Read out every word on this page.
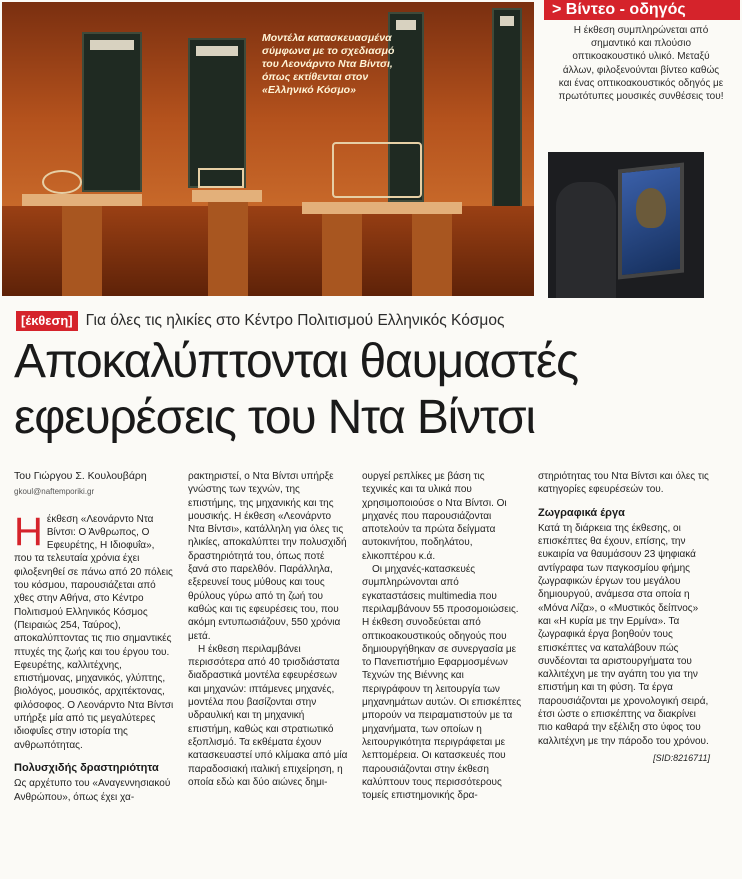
Μοντέλα κατασκευασμένα σύμφωνα με το σχεδιασμό του Λεονάρντο Ντα Βίντσι, όπως εκτίθενται στον «Ελληνικό Κόσμο»
> Βίντεο - οδηγός
Η έκθεση συμπληρώνεται από σημαντικό και πλούσιο οπτικοακουστικό υλικό. Μεταξύ άλλων, φιλοξενούνται βίντεο καθώς και ένας οπτικοακουστικός οδηγός με πρωτότυπες μουσικές συνθέσεις του!
[έκθεση] Για όλες τις ηλικίες στο Κέντρο Πολιτισμού Ελληνικός Κόσμος
Αποκαλύπτονται θαυμαστές εφευρέσεις του Ντα Βίντσι
Του Γιώργου Σ. Κουλουβάρη
gkoul@naftemporiki.gr

Η έκθεση «Λεονάρντο Ντα Βίντσι: Ο Άνθρωπος, Ο Εφευρέτης, Η Ιδιοφυΐα», που τα τελευταία χρόνια έχει φιλοξενηθεί σε πάνω από 20 πόλεις του κόσμου, παρουσιάζεται από χθες στην Αθήνα, στο Κέντρο Πολιτισμού Ελληνικός Κόσμος (Πειραιώς 254, Ταύρος), αποκαλύπτοντας τις πιο σημαντικές πτυχές της ζωής και του έργου του. Εφευρέτης, καλλιτέχνης, επιστήμονας, μηχανικός, γλύπτης, βιολόγος, μουσικός, αρχιτέκτονας, φιλόσοφος. Ο Λεονάρντο Ντα Βίντσι υπήρξε μία από τις μεγαλύτερες ιδιοφυΐες στην ιστορία της ανθρωπότητας.

Πολυσχιδής δραστηριότητα

Ως αρχέτυπο του «Αναγεννησιακού Ανθρώπου», όπως έχει χα-

ρακτηριστεί, ο Ντα Βίντσι υπήρξε γνώστης των τεχνών, της επιστήμης, της μηχανικής και της μουσικής. Η έκθεση «Λεονάρντο Ντα Βίντσι», κατάλληλη για όλες τις ηλικίες, αποκαλύπτει την πολυσχιδή δραστηριότητά του, όπως ποτέ ξανά στο παρελθόν. Παράλληλα, εξερευνεί τους μύθους και τους θρύλους γύρω από τη ζωή του καθώς και τις εφευρέσεις του, που ακόμη εντυπωσιάζουν, 550 χρόνια μετά.

Η έκθεση περιλαμβάνει περισσότερα από 40 τρισδιάστατα διαδραστικά μοντέλα εφευρέσεων και μηχανών: ιπτάμενες μηχανές, μοντέλα που βασίζονται στην υδραυλική και τη μηχανική επιστήμη, καθώς και στρατιωτικό εξοπλισμό. Τα εκθέματα έχουν κατασκευαστεί υπό κλίμακα από μία παραδοσιακή ιταλική επιχείρηση, η οποία εδώ και δύο αιώνες δημι-

ουργεί ρεπλίκες με βάση τις τεχνικές και τα υλικά που χρησιμοποιούσε ο Ντα Βίντσι. Οι μηχανές που παρουσιάζονται αποτελούν τα πρώτα δείγματα αυτοκινήτου, ποδηλάτου, ελικοπτέρου κ.ά.

Οι μηχανές-κατασκευές συμπληρώνονται από εγκαταστάσεις multimedia που περιλαμβάνουν 55 προσομοιώσεις. Η έκθεση συνοδεύεται από οπτικοακουστικούς οδηγούς που δημιουργήθηκαν σε συνεργασία με το Πανεπιστήμιο Εφαρμοσμένων Τεχνών της Βιέννης και περιγράφουν τη λειτουργία των μηχανημάτων αυτών. Οι επισκέπτες μπορούν να πειραματιστούν με τα μηχανήματα, των οποίων η λειτουργικότητα περιγράφεται με λεπτομέρεια. Οι κατασκευές που παρουσιάζονται στην έκθεση καλύπτουν τους περισσότερους τομείς επιστημονικής δρα-

στηριότητας του Ντα Βίντσι και όλες τις κατηγορίες εφευρέσεών του.

Ζωγραφικά έργα

Κατά τη διάρκεια της έκθεσης, οι επισκέπτες θα έχουν, επίσης, την ευκαιρία να θαυμάσουν 23 ψηφιακά αντίγραφα των παγκοσμίου φήμης ζωγραφικών έργων του μεγάλου δημιουργού, ανάμεσα στα οποία η «Μόνα Λίζα», ο «Μυστικός δείπνος» και «Η κυρία με την Ερμίνα». Τα ζωγραφικά έργα βοηθούν τους επισκέπτες να καταλάβουν πώς συνδέονται τα αριστουργήματα του καλλιτέχνη με την αγάπη του για την επιστήμη και τη φύση. Τα έργα παρουσιάζονται με χρονολογική σειρά, έτσι ώστε ο επισκέπτης να διακρίνει πιο καθαρά την εξέλιξη στο ύφος του καλλιτέχνη με την πάροδο του χρόνου.

[SID:8216711]
